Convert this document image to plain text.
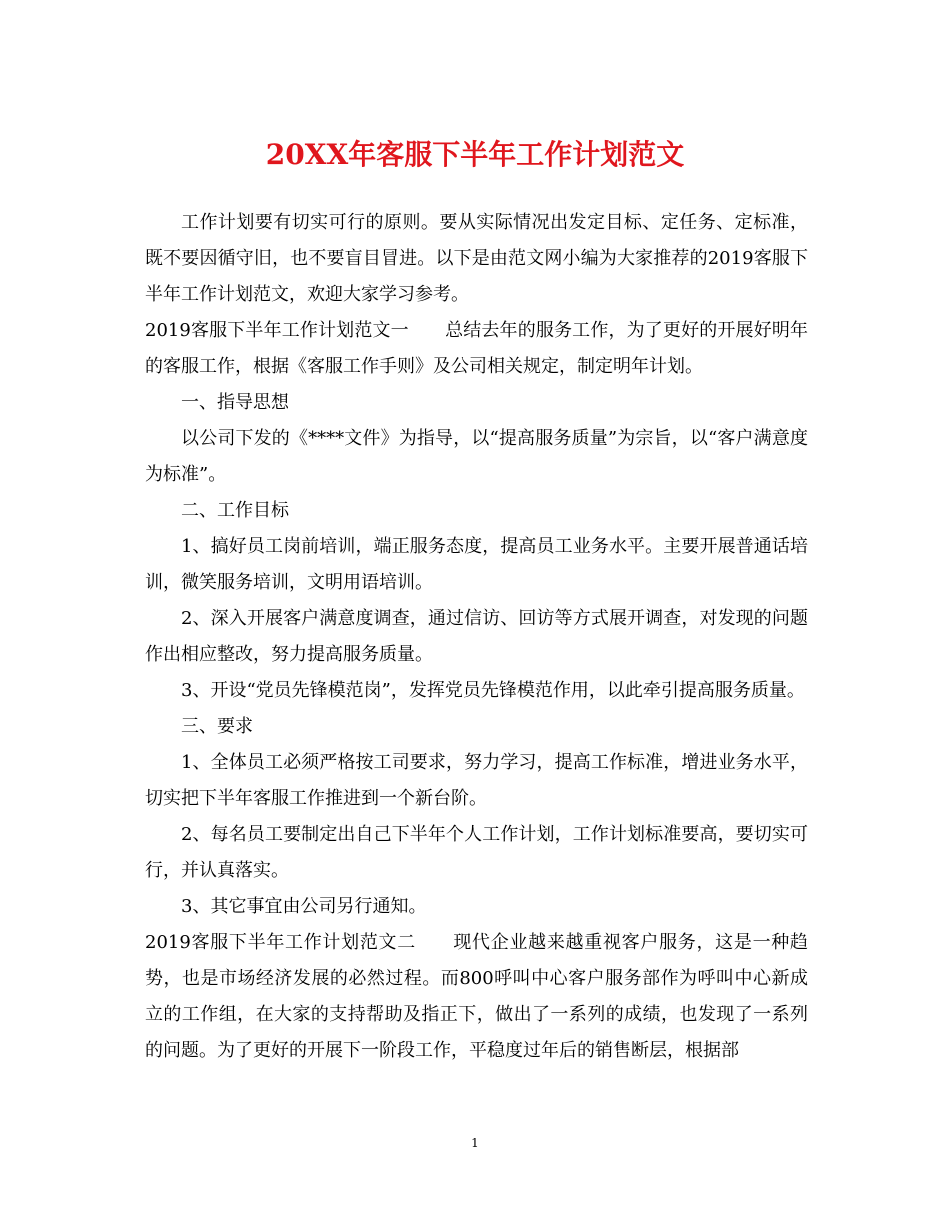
20XX年客服下半年工作计划范文

工作计划要有切实可行的原则。要从实际情况出发定目标、定任务、定标准，既不要因循守旧，也不要盲目冒进。以下是由范文网小编为大家推荐的2019客服下半年工作计划范文，欢迎大家学习参考。

2019客服下半年工作计划范文一　　总结去年的服务工作，为了更好的开展好明年的客服工作，根据《客服工作手则》及公司相关规定，制定明年计划。

一、指导思想

以公司下发的《****文件》为指导，以“提高服务质量”为宗旨，以“客户满意度为标准”。

二、工作目标

1、搞好员工岗前培训，端正服务态度，提高员工业务水平。主要开展普通话培训，微笑服务培训，文明用语培训。

2、深入开展客户满意度调查，通过信访、回访等方式展开调查，对发现的问题作出相应整改，努力提高服务质量。

3、开设“党员先锋模范岗”，发挥党员先锋模范作用，以此牵引提高服务质量。

三、要求

1、全体员工必须严格按工司要求，努力学习，提高工作标准，增进业务水平，切实把下半年客服工作推进到一个新台阶。

2、每名员工要制定出自己下半年个人工作计划，工作计划标准要高，要切实可行，并认真落实。

3、其它事宜由公司另行通知。

2019客服下半年工作计划范文二　　现代企业越来越重视客户服务，这是一种趋势，也是市场经济发展的必然过程。而800呼叫中心客户服务部作为呼叫中心新成立的工作组，在大家的支持帮助及指正下，做出了一系列的成绩，也发现了一系列的问题。为了更好的开展下一阶段工作，平稳度过年后的销售断层，根据部

1
